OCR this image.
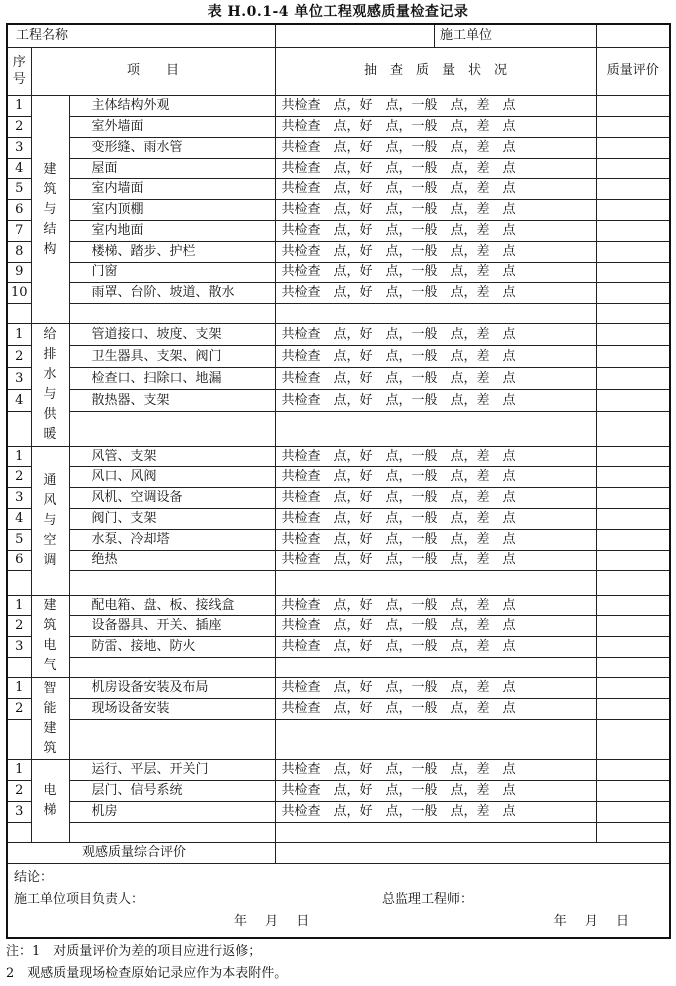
表 H.0.1-4 单位工程观感质量检查记录
工程名称				施工单位	
序号	项　　目		抽　查　质　量　状　况		质量评价
1	建筑与结构	主体结构外观	共检查　点，好　点，一般　点，差　点		
2		室外墙面	共检查　点，好　点，一般　点，差　点		
3		变形缝、雨水管	共检查　点，好　点，一般　点，差　点		
4		屋面	共检查　点，好　点，一般　点，差　点		
5		室内墙面	共检查　点，好　点，一般　点，差　点		
6		室内顶棚	共检查　点，好　点，一般　点，差　点		
7		室内地面	共检查　点，好　点，一般　点，差　点		
8		楼梯、踏步、护栏	共检查　点，好　点，一般　点，差　点		
9		门窗	共检查　点，好　点，一般　点，差　点		
10		雨罩、台阶、坡道、散水	共检查　点，好　点，一般　点，差　点		

1	给排水与供暖	管道接口、坡度、支架	共检查　点，好　点，一般　点，差　点		
2		卫生器具、支架、阀门	共检查　点，好　点，一般　点，差　点		
3		检查口、扫除口、地漏	共检查　点，好　点，一般　点，差　点		
4		散热器、支架	共检查　点，好　点，一般　点，差　点		

1	通风与空调	风管、支架	共检查　点，好　点，一般　点，差　点		
2		风口、风阀	共检查　点，好　点，一般　点，差　点		
3		风机、空调设备	共检查　点，好　点，一般　点，差　点		
4		阀门、支架	共检查　点，好　点，一般　点，差　点		
5		水泵、冷却塔	共检查　点，好　点，一般　点，差　点		
6		绝热	共检查　点，好　点，一般　点，差　点		

1	建筑电气	配电箱、盘、板、接线盒	共检查　点，好　点，一般　点，差　点		
2		设备器具、开关、插座	共检查　点，好　点，一般　点，差　点		
3		防雷、接地、防火	共检查　点，好　点，一般　点，差　点		

1	智能建筑	机房设备安装及布局	共检查　点，好　点，一般　点，差　点		
2		现场设备安装	共检查　点，好　点，一般　点，差　点		

1	电梯	运行、平层、开关门	共检查　点，好　点，一般　点，差　点		
2		层门、信号系统	共检查　点，好　点，一般　点，差　点		
3		机房	共检查　点，好　点，一般　点，差　点		

观感质量综合评价					

结论：
施工单位项目负责人： 总监理工程师：
年 月 日 年 月 日					
注：1　对质量评价为差的项目应进行返修；
2　观感质量现场检查原始记录应作为本表附件。
